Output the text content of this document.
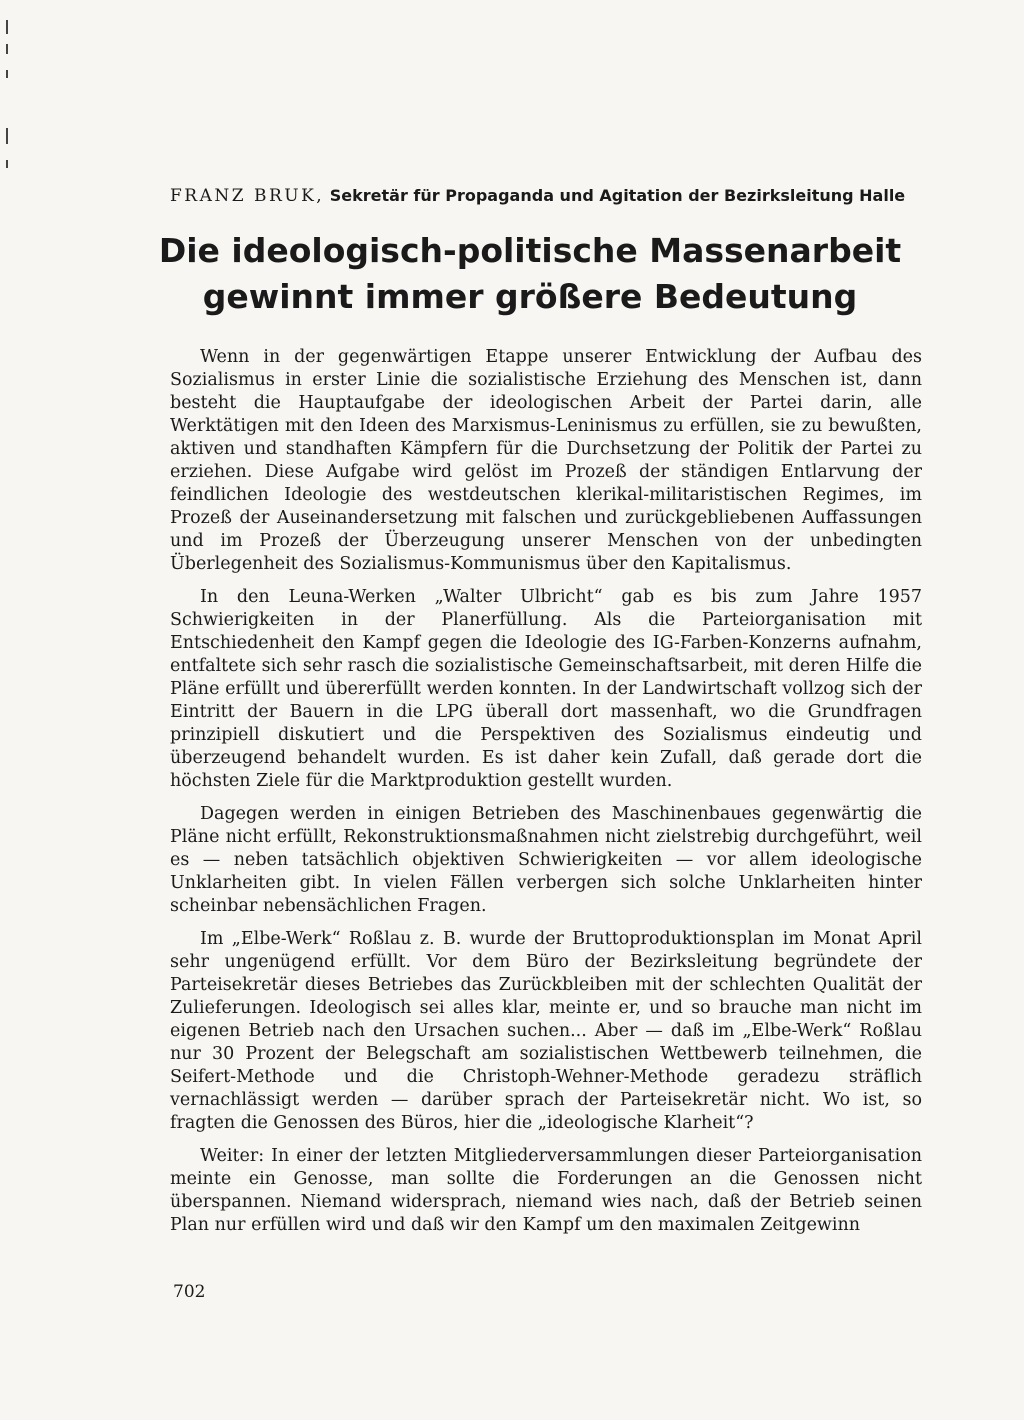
FRANZ BRUK, Sekretär für Propaganda und Agitation der Bezirksleitung Halle
Die ideologisch-politische Massenarbeit
gewinnt immer größere Bedeutung

Wenn in der gegenwärtigen Etappe unserer Entwicklung der Aufbau des Sozialismus in erster Linie die sozialistische Erziehung des Menschen ist, dann besteht die Hauptaufgabe der ideologischen Arbeit der Partei darin, alle Werktätigen mit den Ideen des Marxismus-Leninismus zu erfüllen, sie zu bewußten, aktiven und standhaften Kämpfern für die Durchsetzung der Politik der Partei zu erziehen. Diese Aufgabe wird gelöst im Prozeß der ständigen Entlarvung der feindlichen Ideologie des westdeutschen klerikal-militaristischen Regimes, im Prozeß der Auseinandersetzung mit falschen und zurückgebliebenen Auffassungen und im Prozeß der Überzeugung unserer Menschen von der unbedingten Überlegenheit des Sozialismus-Kommunismus über den Kapitalismus.

In den Leuna-Werken „Walter Ulbricht“ gab es bis zum Jahre 1957 Schwierigkeiten in der Planerfüllung. Als die Parteiorganisation mit Entschiedenheit den Kampf gegen die Ideologie des IG-Farben-Konzerns aufnahm, entfaltete sich sehr rasch die sozialistische Gemeinschaftsarbeit, mit deren Hilfe die Pläne erfüllt und übererfüllt werden konnten. In der Landwirtschaft vollzog sich der Eintritt der Bauern in die LPG überall dort massenhaft, wo die Grundfragen prinzipiell diskutiert und die Perspektiven des Sozialismus eindeutig und überzeugend behandelt wurden. Es ist daher kein Zufall, daß gerade dort die höchsten Ziele für die Marktproduktion gestellt wurden.

Dagegen werden in einigen Betrieben des Maschinenbaues gegenwärtig die Pläne nicht erfüllt, Rekonstruktionsmaßnahmen nicht zielstrebig durchgeführt, weil es — neben tatsächlich objektiven Schwierigkeiten — vor allem ideologische Unklarheiten gibt. In vielen Fällen verbergen sich solche Unklarheiten hinter scheinbar nebensächlichen Fragen.

Im „Elbe-Werk“ Roßlau z. B. wurde der Bruttoproduktionsplan im Monat April sehr ungenügend erfüllt. Vor dem Büro der Bezirksleitung begründete der Parteisekretär dieses Betriebes das Zurückbleiben mit der schlechten Qualität der Zulieferungen. Ideologisch sei alles klar, meinte er, und so brauche man nicht im eigenen Betrieb nach den Ursachen suchen... Aber — daß im „Elbe-Werk“ Roßlau nur 30 Prozent der Belegschaft am sozialistischen Wettbewerb teilnehmen, die Seifert-Methode und die Christoph-Wehner-Methode geradezu sträflich vernachlässigt werden — darüber sprach der Parteisekretär nicht. Wo ist, so fragten die Genossen des Büros, hier die „ideologische Klarheit“?

Weiter: In einer der letzten Mitgliederversammlungen dieser Parteiorganisation meinte ein Genosse, man sollte die Forderungen an die Genossen nicht überspannen. Niemand widersprach, niemand wies nach, daß der Betrieb seinen Plan nur erfüllen wird und daß wir den Kampf um den maximalen Zeitgewinn

702
